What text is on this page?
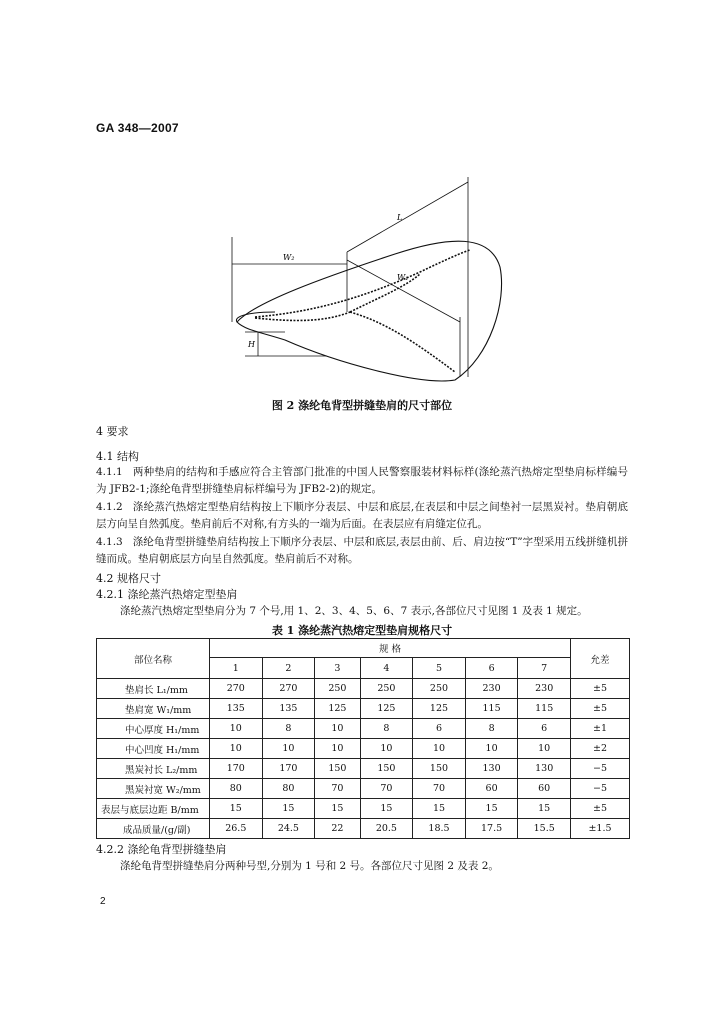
GA 348—2007
L
W₂
W₁
H
图 2 涤纶龟背型拼缝垫肩的尺寸部位
4 要求
4.1 结构
4.1.1 两种垫肩的结构和手感应符合主管部门批准的中国人民警察服装材料标样(涤纶蒸汽热熔定型垫肩标样编号为 JFB2-1;涤纶龟背型拼缝垫肩标样编号为 JFB2-2)的规定。
4.1.2 涤纶蒸汽热熔定型垫肩结构按上下顺序分表层、中层和底层,在表层和中层之间垫衬一层黑炭衬。垫肩朝底层方向呈自然弧度。垫肩前后不对称,有方头的一端为后面。在表层应有肩缝定位孔。
4.1.3 涤纶龟背型拼缝垫肩结构按上下顺序分表层、中层和底层,表层由前、后、肩边按“T”字型采用五线拼缝机拼缝而成。垫肩朝底层方向呈自然弧度。垫肩前后不对称。
4.2 规格尺寸
4.2.1 涤纶蒸汽热熔定型垫肩
涤纶蒸汽热熔定型垫肩分为 7 个号,用 1、2、3、4、5、6、7 表示,各部位尺寸见图 1 及表 1 规定。
表 1 涤纶蒸汽热熔定型垫肩规格尺寸
部位名称	规 格							允差
	1	2	3	4	5	6	7	
垫肩长 L₁/mm	270	270	250	250	250	230	230	±5
垫肩宽 W₁/mm	135	135	125	125	125	115	115	±5
中心厚度 H₁/mm	10	8	10	8	6	8	6	±1
中心凹度 H₁/mm	10	10	10	10	10	10	10	±2
黑炭衬长 L₂/mm	170	170	150	150	150	130	130	−5
黑炭衬宽 W₂/mm	80	80	70	70	70	60	60	−5
表层与底层边距 B/mm	15	15	15	15	15	15	15	±5
成品质量/(g/副)	26.5	24.5	22	20.5	18.5	17.5	15.5	±1.5
4.2.2 涤纶龟背型拼缝垫肩
涤纶龟背型拼缝垫肩分两种号型,分别为 1 号和 2 号。各部位尺寸见图 2 及表 2。
2
